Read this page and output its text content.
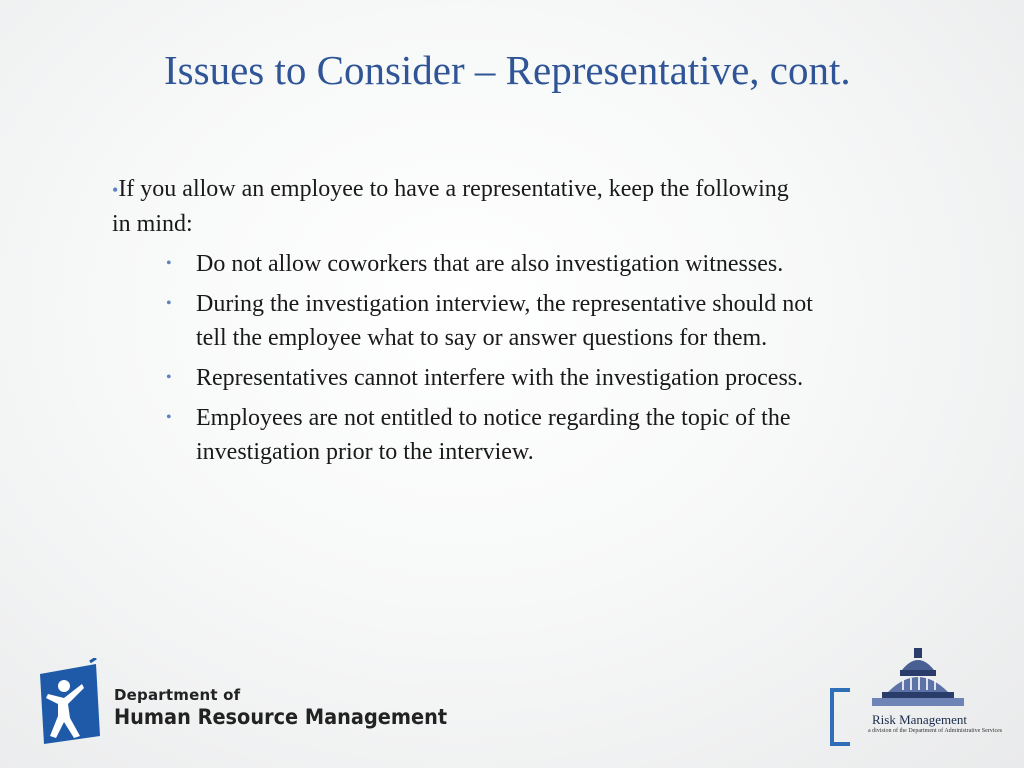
Issues to Consider – Representative, cont.

•If you allow an employee to have a representative, keep the following in mind:

• Do not allow coworkers that are also investigation witnesses.
• During the investigation interview, the representative should not tell the employee what to say or answer questions for them.
• Representatives cannot interfere with the investigation process.
• Employees are not entitled to notice regarding the topic of the investigation prior to the interview.
Department of
Human Resource Management	Risk Management
a division of the Department of Administrative Services
